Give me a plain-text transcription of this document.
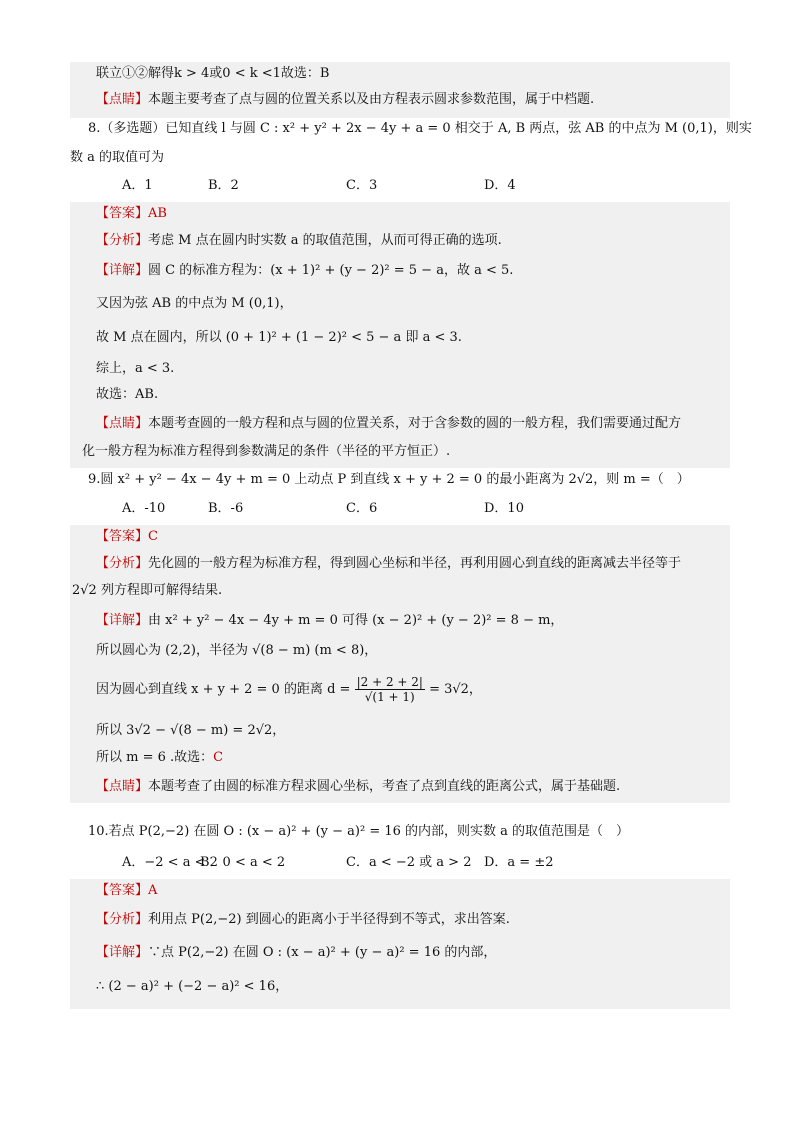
联立①②解得k > 4或0 < k <1故选：B
【点睛】本题主要考查了点与圆的位置关系以及由方程表示圆求参数范围，属于中档题.
8.（多选题）已知直线 l 与圆 C : x² + y² + 2x − 4y + a = 0 相交于 A, B 两点，弦 AB 的中点为 M (0,1)，则实
数 a 的取值可为
A．1	B．2	C．3	D．4
【答案】AB
【分析】考虑 M 点在圆内时实数 a 的取值范围，从而可得正确的选项.
【详解】圆 C 的标准方程为：(x + 1)² + (y − 2)² = 5 − a，故 a < 5.
又因为弦 AB 的中点为 M (0,1)，
故 M 点在圆内，所以 (0 + 1)² + (1 − 2)² < 5 − a 即 a < 3.
综上，a < 3.
故选：AB.
【点睛】本题考查圆的一般方程和点与圆的位置关系，对于含参数的圆的一般方程，我们需要通过配方
化一般方程为标准方程得到参数满足的条件（半径的平方恒正）.
9.圆 x² + y² − 4x − 4y + m = 0 上动点 P 到直线 x + y + 2 = 0 的最小距离为 2√2，则 m =（　）
A．-10	B．-6	C．6	D．10
【答案】C
【分析】先化圆的一般方程为标准方程，得到圆心坐标和半径，再利用圆心到直线的距离减去半径等于
2√2 列方程即可解得结果.
【详解】由 x² + y² − 4x − 4y + m = 0 可得 (x − 2)² + (y − 2)² = 8 − m，
所以圆心为 (2,2)，半径为 √(8 − m) (m < 8)，
因为圆心到直线 x + y + 2 = 0 的距离 $d = \frac{|2 + 2 + 2|}{√(1 + 1)} = 3√2$，
所以 3√2 − √(8 − m) = 2√2，
所以 m = 6 .故选：C
【点睛】本题考查了由圆的标准方程求圆心坐标，考查了点到直线的距离公式，属于基础题.
10.若点 P(2,−2) 在圆 O : (x − a)² + (y − a)² = 16 的内部，则实数 a 的取值范围是（　）
A．−2 < a < 2
B．0 < a < 2	C．a < −2 或 a > 2 D．a = ±2
【答案】A
【分析】利用点 P(2,−2) 到圆心的距离小于半径得到不等式，求出答案.
【详解】∵点 P(2,−2) 在圆 O : (x − a)² + (y − a)² = 16 的内部，
∴ (2 − a)² + (−2 − a)² < 16，
